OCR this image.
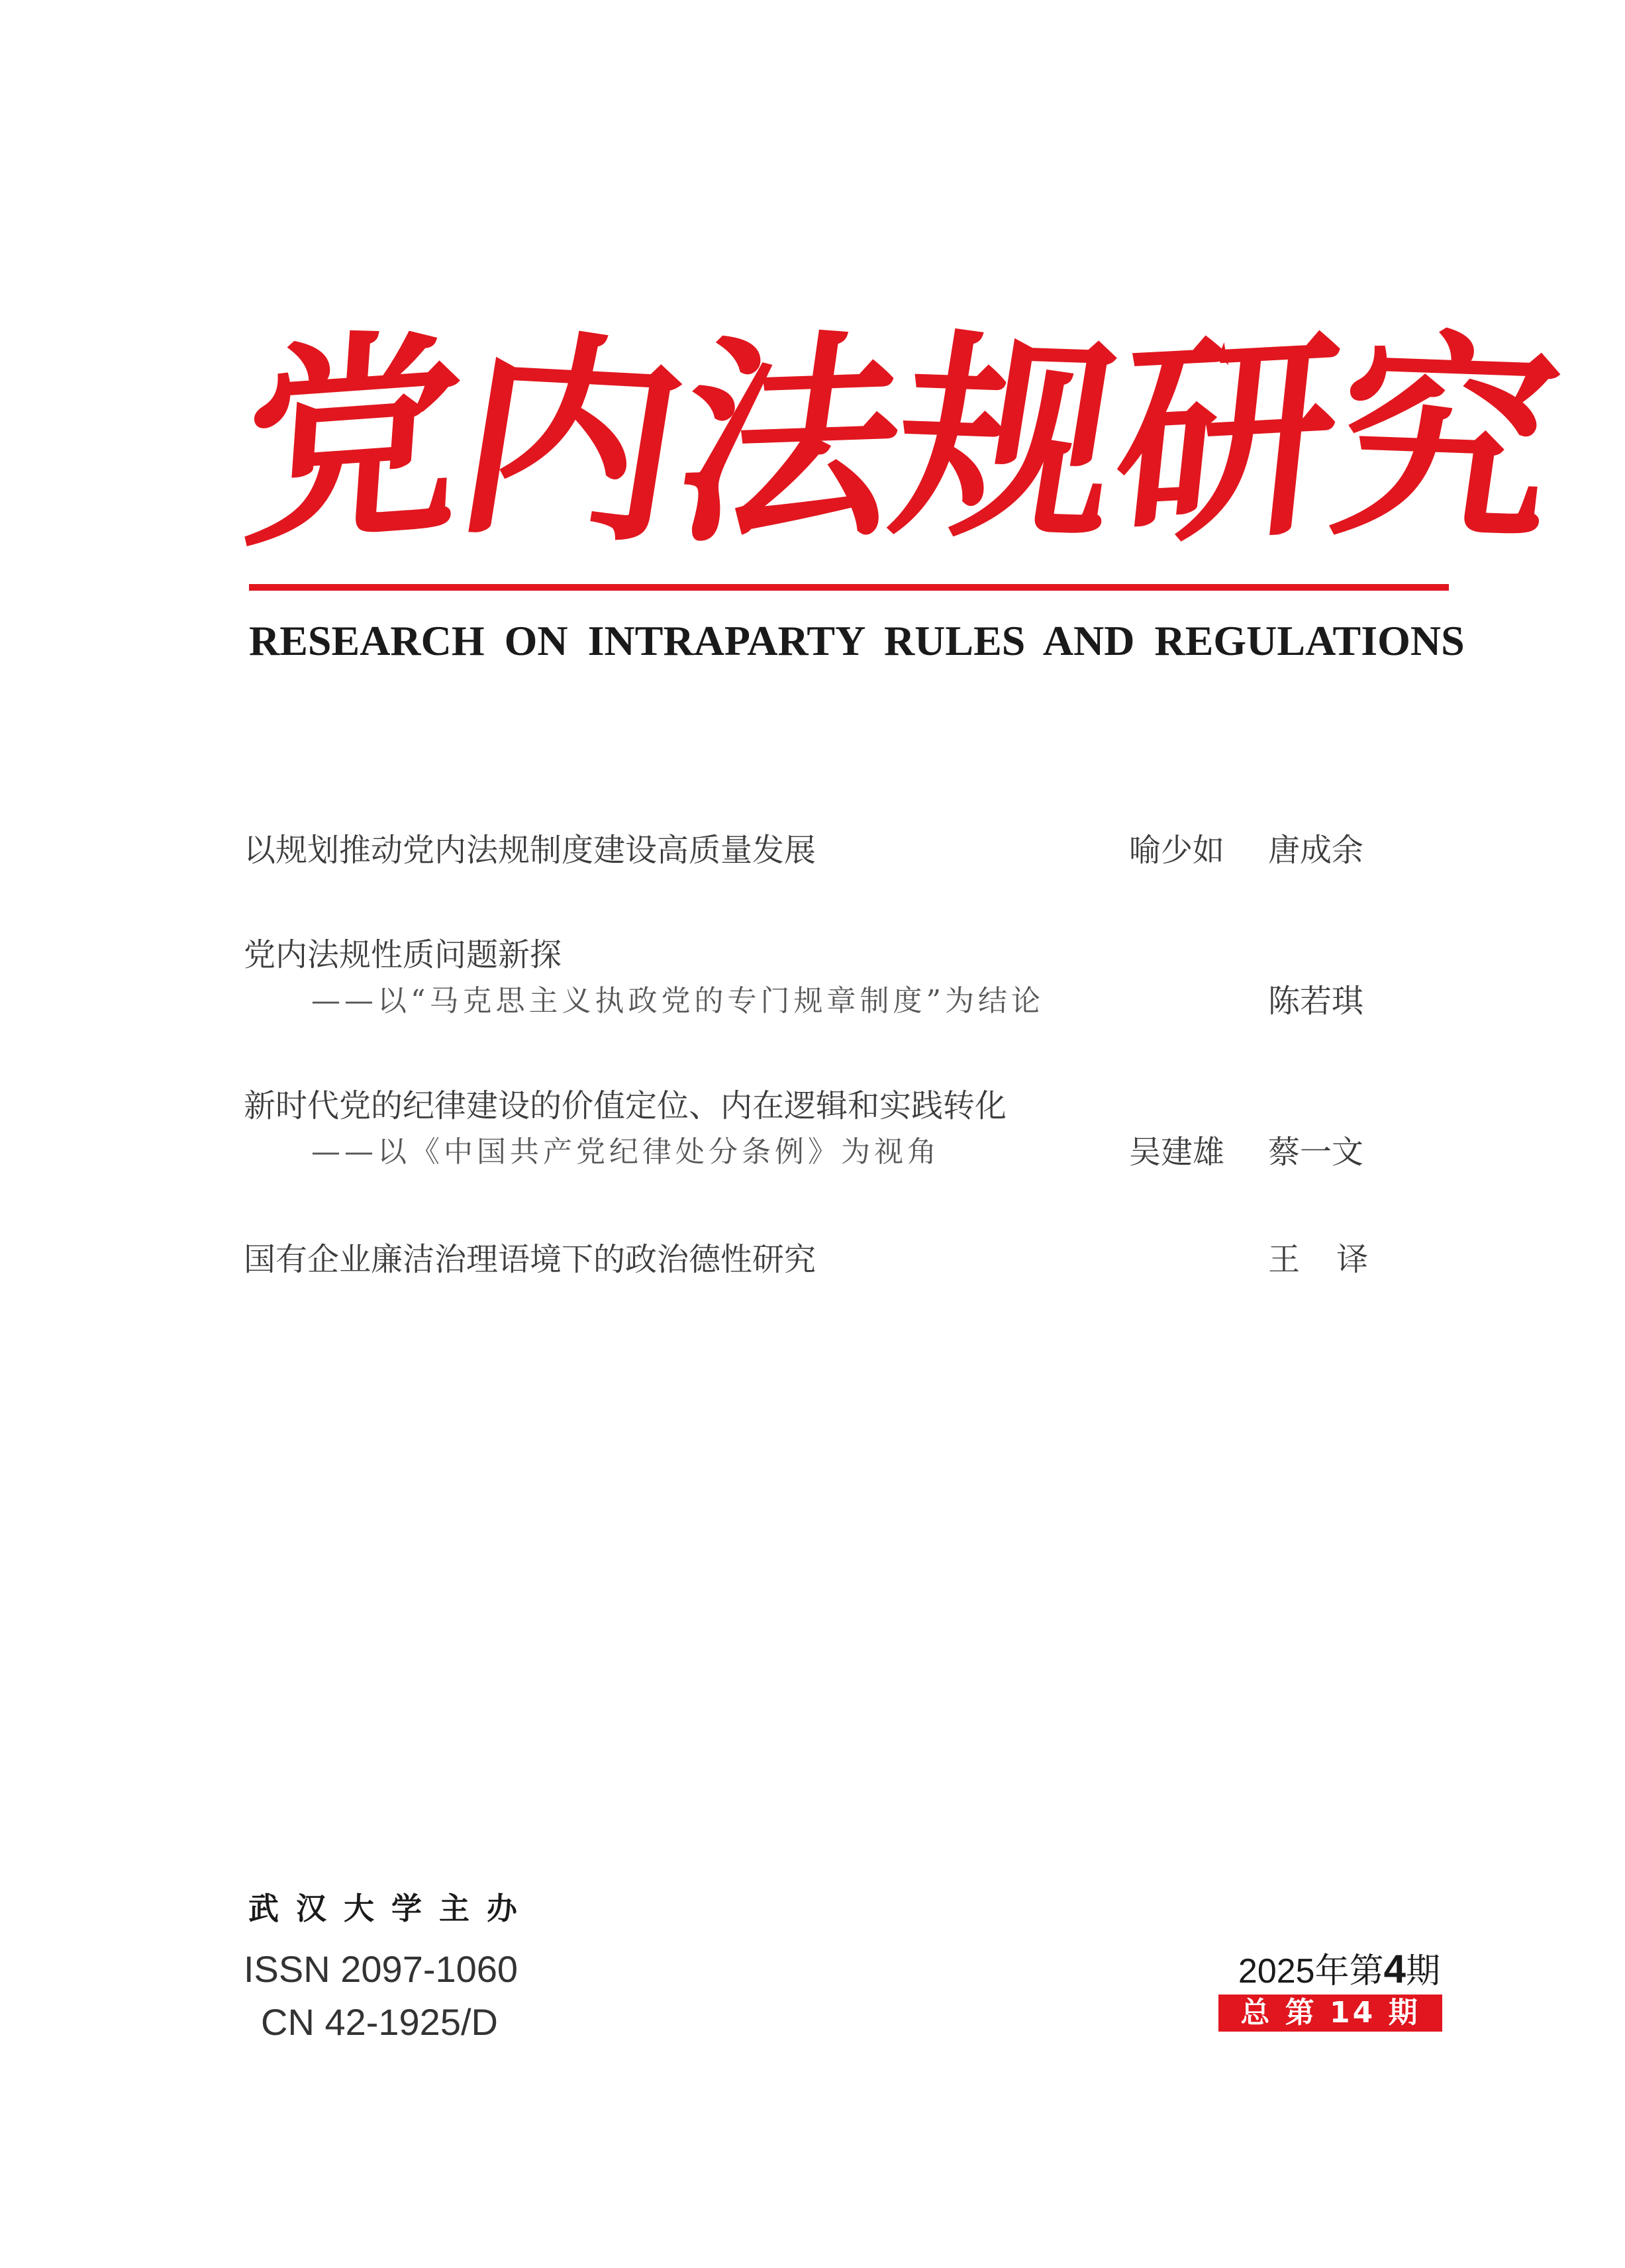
党
内
法
规
研
究
RESEARCH ON INTRAPARTY RULES AND REGULATIONS
以规划推动党内法规制度建设高质量发展	喻少如 唐成余
党内法规性质问题新探
——以“马克思主义执政党的专门规章制度”为结论	陈若琪
新时代党的纪律建设的价值定位、内在逻辑和实践转化
——以《中国共产党纪律处分条例》为视角	吴建雄 蔡一文
国有企业廉洁治理语境下的政治德性研究	王 译
武汉大学主办
ISSN 2097-1060
CN 42-1925/D
2025年第4期
总 第 14 期
